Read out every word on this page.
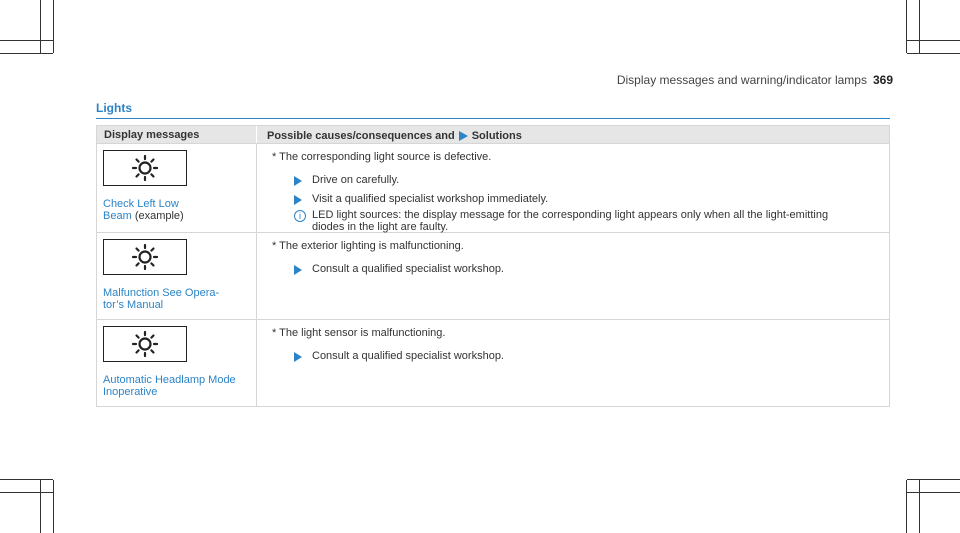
Display messages and warning/indicator lamps 369
Lights
Display messages	Possible causes/consequences and Solutions
Check Left Low Beam (example)
* The corresponding light source is defective.
Drive on carefully.
Visit a qualified specialist workshop immediately.
i	LED light sources: the display message for the corresponding light appears only when all the light-emitting diodes in the light are faulty.
Malfunction See Opera-tor’s Manual
* The exterior lighting is malfunctioning.
Consult a qualified specialist workshop.
Automatic Headlamp Mode Inoperative
* The light sensor is malfunctioning.
Consult a qualified specialist workshop.
